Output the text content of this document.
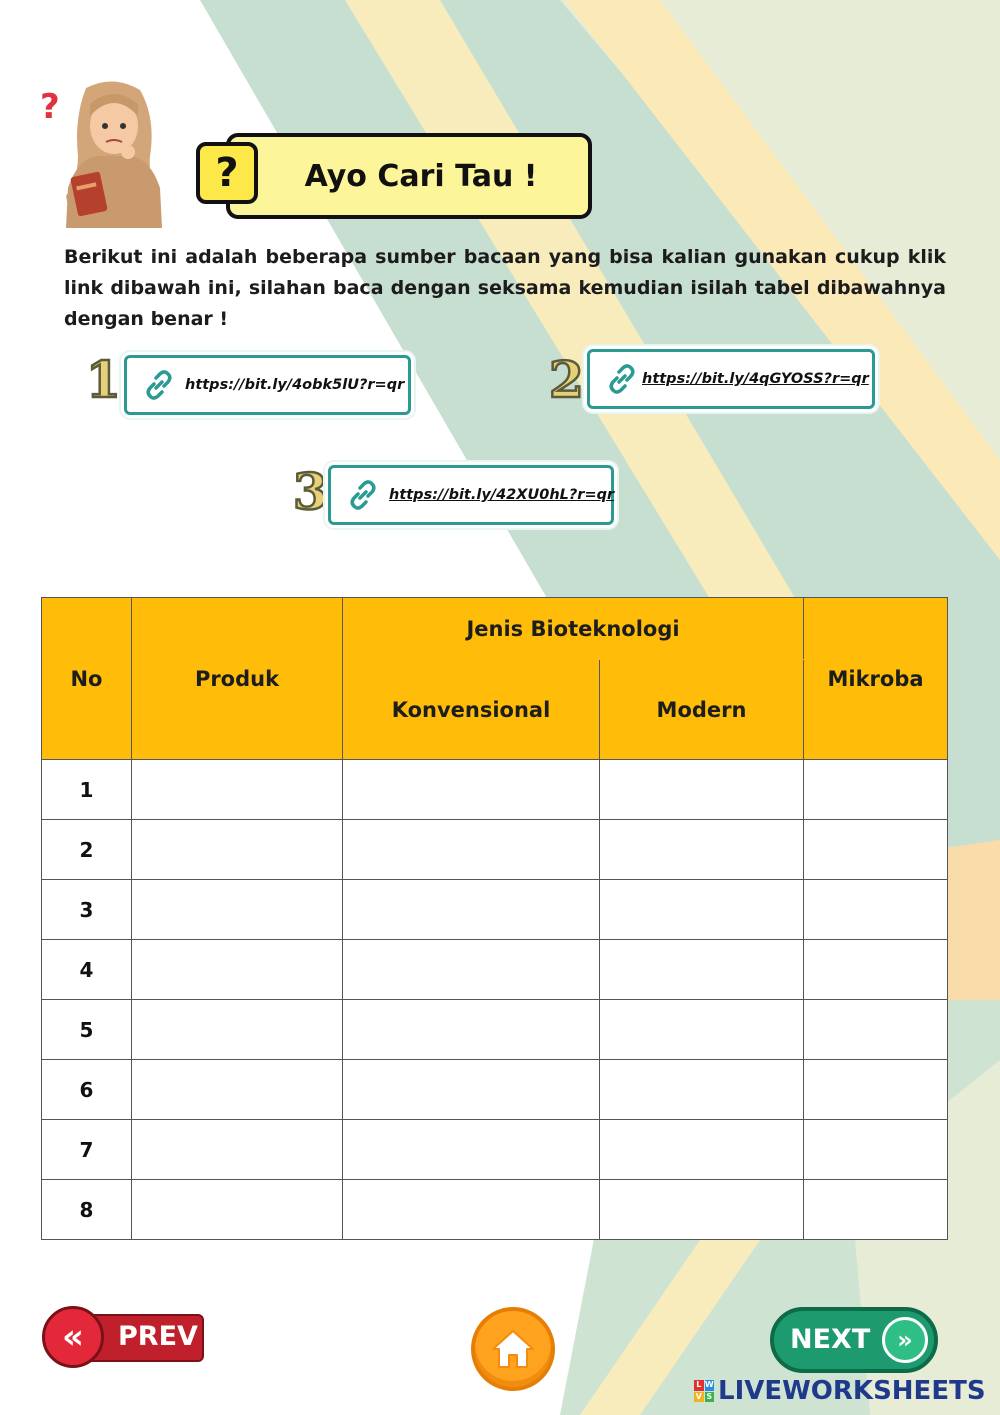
?
?	Ayo Cari Tau !

Berikut ini adalah beberapa sumber bacaan yang bisa kalian gunakan cukup klik link dibawah ini, silahan baca dengan seksama kemudian isilah tabel dibawahnya dengan benar !

1	https://bit.ly/4obk5lU?r=qr	2	https://bit.ly/4qGYOSS?r=qr
3	https://bit.ly/42XU0hL?r=qr
No	Produk	Jenis Bioteknologi		Mikroba
		Konvensional	Modern	
1				
2				
3				
4				
5				
6				
7				
8				
«	PREV	NEXT	»
L W
V S LIVEWORKSHEETS
